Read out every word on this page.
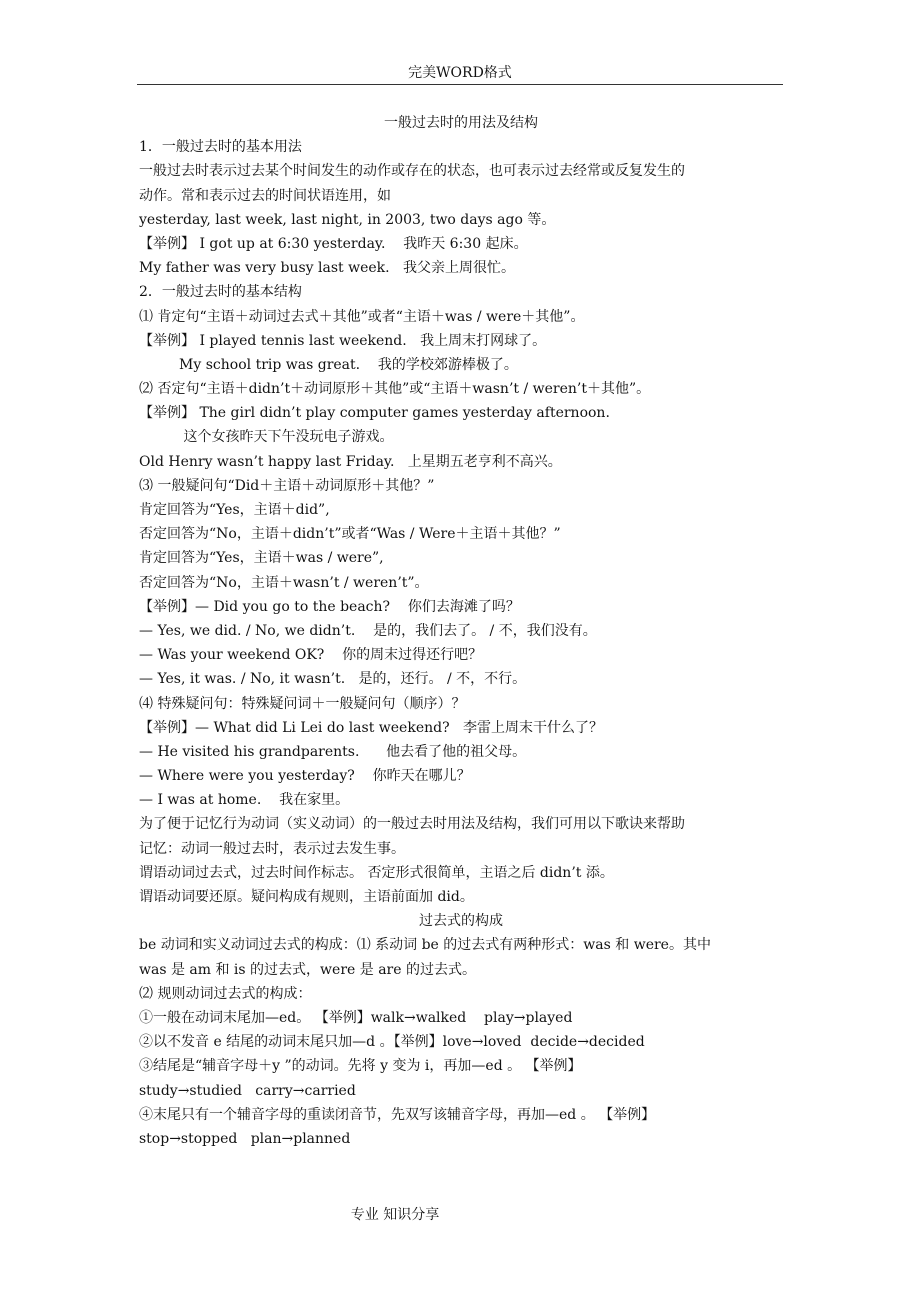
完美WORD格式
一般过去时的用法及结构
1．一般过去时的基本用法
一般过去时表示过去某个时间发生的动作或存在的状态，也可表示过去经常或反复发生的
动作。常和表示过去的时间状语连用，如
yesterday, last week, last night, in 2003, two days ago 等。
【举例】 I got up at 6:30 yesterday.    我昨天 6:30 起床。
My father was very busy last week.   我父亲上周很忙。
2．一般过去时的基本结构
⑴ 肯定句“主语＋动词过去式＋其他”或者“主语＋was / were＋其他”。
【举例】 I played tennis last weekend.   我上周末打网球了。
My school trip was great.    我的学校郊游棒极了。
⑵ 否定句“主语＋didn’t＋动词原形＋其他”或“主语＋wasn’t / weren’t＋其他”。
【举例】 The girl didn’t play computer games yesterday afternoon.
这个女孩昨天下午没玩电子游戏。
Old Henry wasn’t happy last Friday.   上星期五老亨利不高兴。
⑶ 一般疑问句“Did＋主语＋动词原形＋其他？”
肯定回答为“Yes，主语＋did”,
否定回答为“No，主语＋didn’t”或者“Was / Were＋主语＋其他？”
肯定回答为“Yes，主语＋was / were”,
否定回答为“No，主语＋wasn’t / weren’t”。
【举例】— Did you go to the beach?    你们去海滩了吗？
— Yes, we did. / No, we didn’t.    是的，我们去了。 / 不，我们没有。
— Was your weekend OK?    你的周末过得还行吧？
— Yes, it was. / No, it wasn’t.   是的，还行。 / 不，不行。
⑷ 特殊疑问句：特殊疑问词＋一般疑问句（顺序）？
【举例】— What did Li Lei do last weekend?   李雷上周末干什么了？
— He visited his grandparents.      他去看了他的祖父母。
— Where were you yesterday?    你昨天在哪儿？
— I was at home.    我在家里。
为了便于记忆行为动词（实义动词）的一般过去时用法及结构，我们可用以下歌诀来帮助
记忆：动词一般过去时，表示过去发生事。
谓语动词过去式，过去时间作标志。 否定形式很简单，主语之后 didn’t 添。
谓语动词要还原。疑问构成有规则，主语前面加 did。
过去式的构成
be 动词和实义动词过去式的构成：⑴ 系动词 be 的过去式有两种形式：was 和 were。其中
was 是 am 和 is 的过去式，were 是 are 的过去式。
⑵ 规则动词过去式的构成：
①一般在动词末尾加—ed。 【举例】walk→walked    play→played
②以不发音 e 结尾的动词末尾只加—d 。【举例】love→loved  decide→decided
③结尾是“辅音字母＋y ”的动词。先将 y 变为 i，再加—ed 。 【举例】
study→studied   carry→carried
④末尾只有一个辅音字母的重读闭音节，先双写该辅音字母，再加—ed 。 【举例】
stop→stopped   plan→planned
专业 知识分享
